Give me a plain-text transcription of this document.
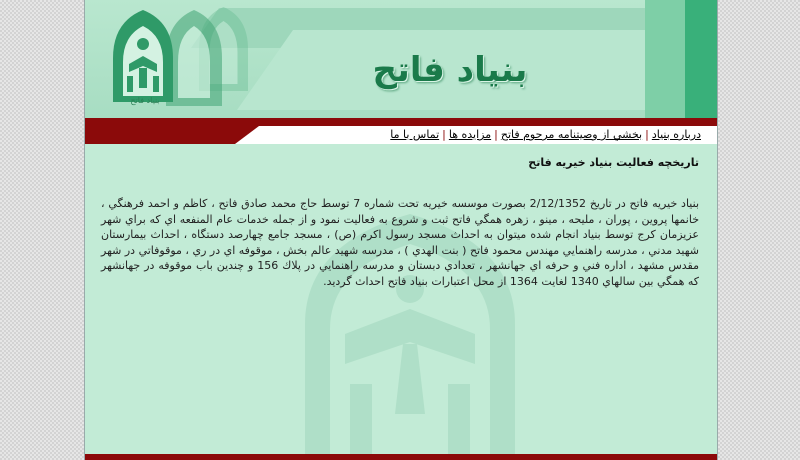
بنياد فاتح
بنياد فاتح
درباره بنياد|بخشي از وصيتنامه مرحوم فاتح|مزايده ها|تماس با ما
تاريخچه فعاليت بنياد خيريه فاتح
بنياد خيريه فاتح در تاريخ 2/12/1352 بصورت موسسه خيريه تحت شماره 7 توسط حاج محمد صادق فاتح ، كاظم و احمد فرهنگي ، خانمها پروين ، پوران ، مليحه ، مينو ، زهره همگي فاتح ثبت و شروع به فعاليت نمود و از جمله خدمات عام المنفعه اي كه براي شهر عزيزمان كرج توسط بنياد انجام شده ميتوان به احداث مسجد رسول اكرم (ص) ، مسجد جامع چهارصد دستگاه ، احداث بيمارستان شهيد مدني ، مدرسه راهنمايي مهندس محمود فاتح ( بنت الهدي ) ، مدرسه شهيد عالم بخش ، موقوفه اي در ري ، موقوفاتي در شهر مقدس مشهد ، اداره فني و حرفه اي جهانشهر ، تعدادي دبستان و مدرسه راهنمايي در پلاك 156 و چندين باب موقوفه در جهانشهر كه همگي بين سالهاي 1340 لغايت 1364 از محل اعتبارات بنياد فاتح احداث گرديد.
